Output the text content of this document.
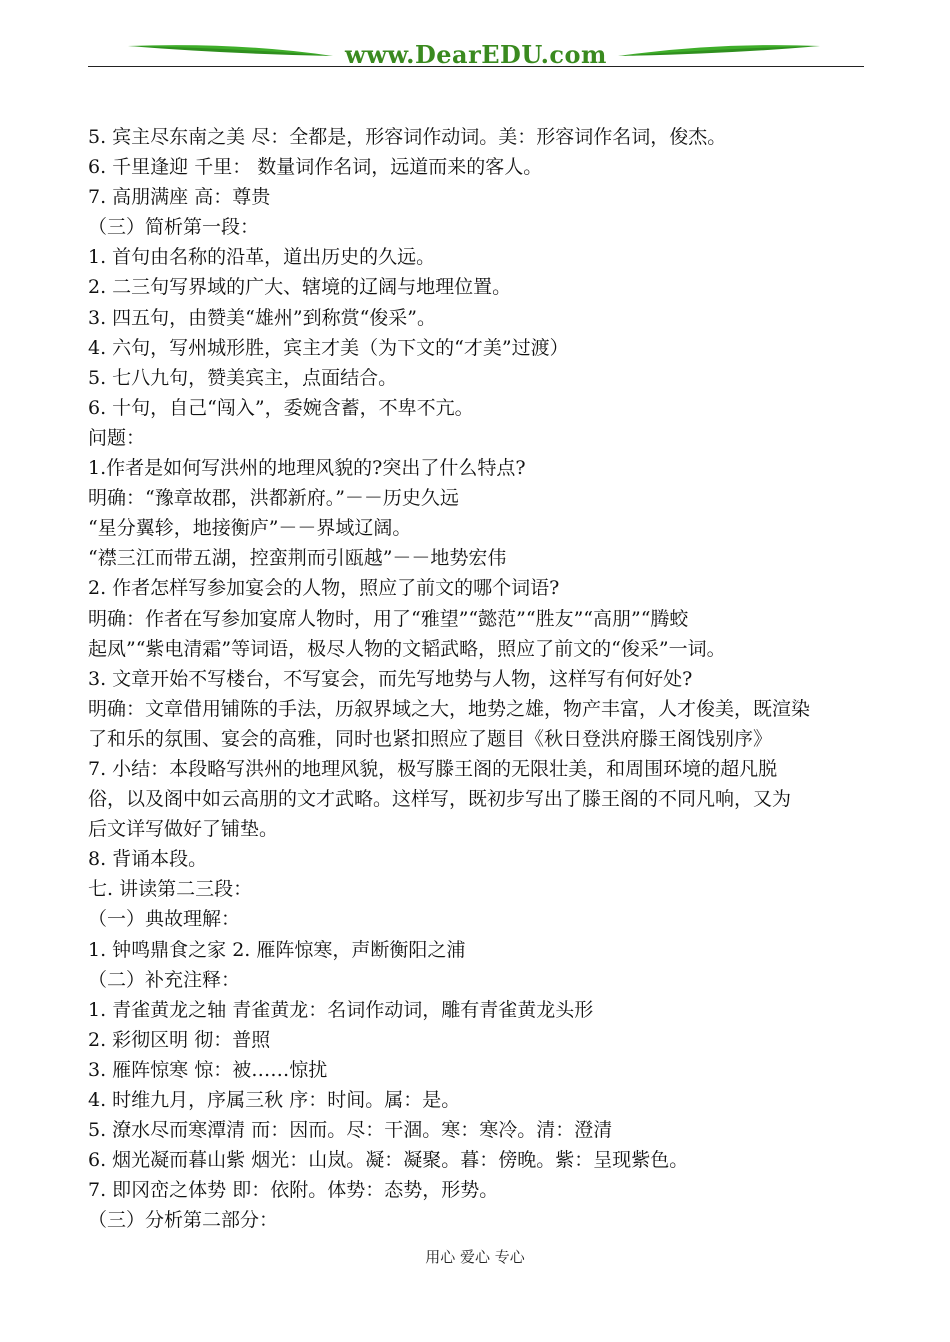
www.DearEDU.com
5. 宾主尽东南之美 尽：全都是，形容词作动词。美：形容词作名词，俊杰。
6. 千里逢迎 千里： 数量词作名词，远道而来的客人。
7. 高朋满座 高：尊贵
（三）简析第一段：
1. 首句由名称的沿革，道出历史的久远。
2. 二三句写界域的广大、辖境的辽阔与地理位置。
3. 四五句，由赞美“雄州”到称赏“俊采”。
4. 六句，写州城形胜，宾主才美（为下文的“才美”过渡）
5. 七八九句，赞美宾主，点面结合。
6. 十句，自己“闯入”，委婉含蓄，不卑不亢。
问题：
1.作者是如何写洪州的地理风貌的?突出了什么特点?
明确：“豫章故郡，洪都新府。”－－历史久远
“星分翼轸，地接衡庐”－－界域辽阔。
“襟三江而带五湖，控蛮荆而引瓯越”－－地势宏伟
2. 作者怎样写参加宴会的人物，照应了前文的哪个词语?
明确：作者在写参加宴席人物时，用了“雅望”“懿范”“胜友”“高朋”“腾蛟
起凤”“紫电清霜”等词语，极尽人物的文韬武略，照应了前文的“俊采”一词。
3. 文章开始不写楼台，不写宴会，而先写地势与人物，这样写有何好处?
明确：文章借用铺陈的手法，历叙界域之大，地势之雄，物产丰富，人才俊美，既渲染
了和乐的氛围、宴会的高雅，同时也紧扣照应了题目《秋日登洪府滕王阁饯别序》
7. 小结：本段略写洪州的地理风貌，极写滕王阁的无限壮美，和周围环境的超凡脱
俗，以及阁中如云高朋的文才武略。这样写，既初步写出了滕王阁的不同凡响，又为
后文详写做好了铺垫。
8. 背诵本段。
七. 讲读第二三段：
（一）典故理解：
1. 钟鸣鼎食之家 2. 雁阵惊寒，声断衡阳之浦
（二）补充注释：
1. 青雀黄龙之轴 青雀黄龙：名词作动词，雕有青雀黄龙头形
2. 彩彻区明 彻：普照
3. 雁阵惊寒 惊：被……惊扰
4. 时维九月，序属三秋 序：时间。属：是。
5. 潦水尽而寒潭清 而：因而。尽：干涸。寒：寒冷。清：澄清
6. 烟光凝而暮山紫 烟光：山岚。凝：凝聚。暮：傍晚。紫：呈现紫色。
7. 即冈峦之体势 即：依附。体势：态势，形势。
（三）分析第二部分：
用心 爱心 专心
